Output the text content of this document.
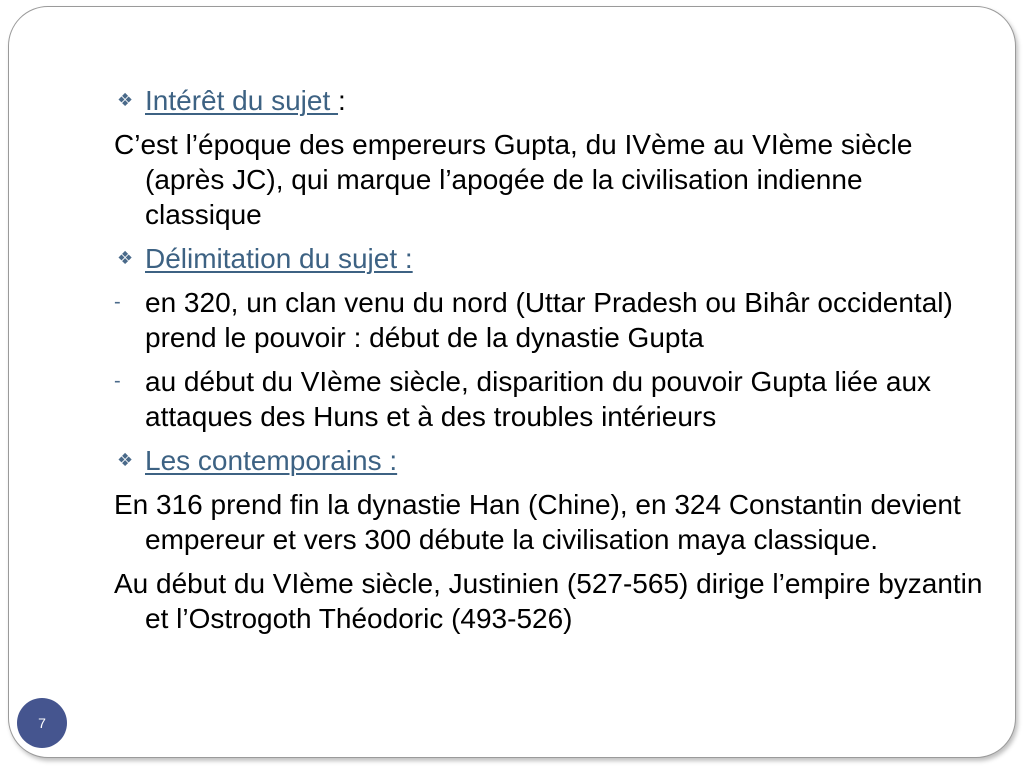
❖ Intérêt du sujet :

C’est l’époque des empereurs Gupta, du IVème au VIème siècle (après JC), qui marque l’apogée de la civilisation indienne classique

❖ Délimitation du sujet :

- en 320, un clan venu du nord (Uttar Pradesh ou Bihâr occidental) prend le pouvoir : début de la dynastie Gupta

- au début du VIème siècle, disparition du pouvoir Gupta liée aux attaques des Huns et à des troubles intérieurs

❖ Les contemporains :

En 316 prend fin la dynastie Han (Chine), en 324 Constantin devient empereur et vers 300 débute la civilisation maya classique.

Au début du VIème siècle, Justinien (527-565) dirige l’empire byzantin et l’Ostrogoth Théodoric (493-526)

7
